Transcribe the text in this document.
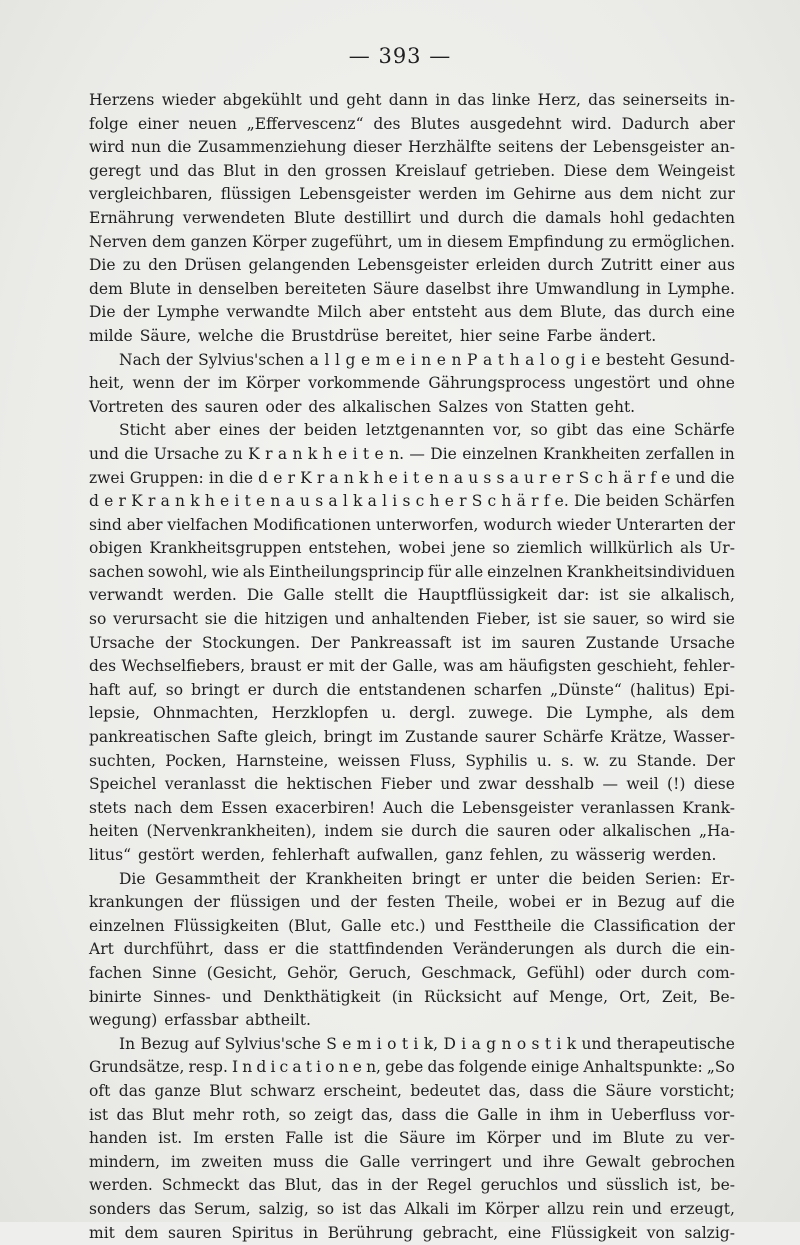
— 393 —
Herzens wieder abgekühlt und geht dann in das linke Herz, das seinerseits in-
folge einer neuen „Effervescenz“ des Blutes ausgedehnt wird. Dadurch aber
wird nun die Zusammenziehung dieser Herzhälfte seitens der Lebensgeister an-
geregt und das Blut in den grossen Kreislauf getrieben. Diese dem Weingeist
vergleichbaren, flüssigen Lebensgeister werden im Gehirne aus dem nicht zur
Ernährung verwendeten Blute destillirt und durch die damals hohl gedachten
Nerven dem ganzen Körper zugeführt, um in diesem Empfindung zu ermöglichen.
Die zu den Drüsen gelangenden Lebensgeister erleiden durch Zutritt einer aus
dem Blute in denselben bereiteten Säure daselbst ihre Umwandlung in Lymphe.
Die der Lymphe verwandte Milch aber entsteht aus dem Blute, das durch eine
milde Säure, welche die Brustdrüse bereitet, hier seine Farbe ändert.
Nach der Sylvius'schen a l l g e m e i n e n P a t h a l o g i e besteht Gesund-
heit, wenn der im Körper vorkommende Gährungsprocess ungestört und ohne
Vortreten des sauren oder des alkalischen Salzes von Statten geht.
Sticht aber eines der beiden letztgenannten vor, so gibt das eine Schärfe
und die Ursache zu K r a n k h e i t e n. — Die einzelnen Krankheiten zerfallen in
zwei Gruppen: in die d e r K r a n k h e i t e n a u s s a u r e r S c h ä r f e und die
d e r K r a n k h e i t e n a u s a l k a l i s c h e r S c h ä r f e. Die beiden Schärfen
sind aber vielfachen Modificationen unterworfen, wodurch wieder Unterarten der
obigen Krankheitsgruppen entstehen, wobei jene so ziemlich willkürlich als Ur-
sachen sowohl, wie als Eintheilungsprincip für alle einzelnen Krankheitsindividuen
verwandt werden. Die Galle stellt die Hauptflüssigkeit dar: ist sie alkalisch,
so verursacht sie die hitzigen und anhaltenden Fieber, ist sie sauer, so wird sie
Ursache der Stockungen. Der Pankreassaft ist im sauren Zustande Ursache
des Wechselfiebers, braust er mit der Galle, was am häufigsten geschieht, fehler-
haft auf, so bringt er durch die entstandenen scharfen „Dünste“ (halitus) Epi-
lepsie, Ohnmachten, Herzklopfen u. dergl. zuwege. Die Lymphe, als dem
pankreatischen Safte gleich, bringt im Zustande saurer Schärfe Krätze, Wasser-
suchten, Pocken, Harnsteine, weissen Fluss, Syphilis u. s. w. zu Stande. Der
Speichel veranlasst die hektischen Fieber und zwar desshalb — weil (!) diese
stets nach dem Essen exacerbiren! Auch die Lebensgeister veranlassen Krank-
heiten (Nervenkrankheiten), indem sie durch die sauren oder alkalischen „Ha-
litus“ gestört werden, fehlerhaft aufwallen, ganz fehlen, zu wässerig werden.
Die Gesammtheit der Krankheiten bringt er unter die beiden Serien: Er-
krankungen der flüssigen und der festen Theile, wobei er in Bezug auf die
einzelnen Flüssigkeiten (Blut, Galle etc.) und Festtheile die Classification der
Art durchführt, dass er die stattfindenden Veränderungen als durch die ein-
fachen Sinne (Gesicht, Gehör, Geruch, Geschmack, Gefühl) oder durch com-
binirte Sinnes- und Denkthätigkeit (in Rücksicht auf Menge, Ort, Zeit, Be-
wegung) erfassbar abtheilt.
In Bezug auf Sylvius'sche S e m i o t i k, D i a g n o s t i k und therapeutische
Grundsätze, resp. I n d i c a t i o n e n, gebe das folgende einige Anhaltspunkte: „So
oft das ganze Blut schwarz erscheint, bedeutet das, dass die Säure vorsticht;
ist das Blut mehr roth, so zeigt das, dass die Galle in ihm in Ueberfluss vor-
handen ist. Im ersten Falle ist die Säure im Körper und im Blute zu ver-
mindern, im zweiten muss die Galle verringert und ihre Gewalt gebrochen
werden. Schmeckt das Blut, das in der Regel geruchlos und süsslich ist, be-
sonders das Serum, salzig, so ist das Alkali im Körper allzu rein und erzeugt,
mit dem sauren Spiritus in Berührung gebracht, eine Flüssigkeit von salzig-
